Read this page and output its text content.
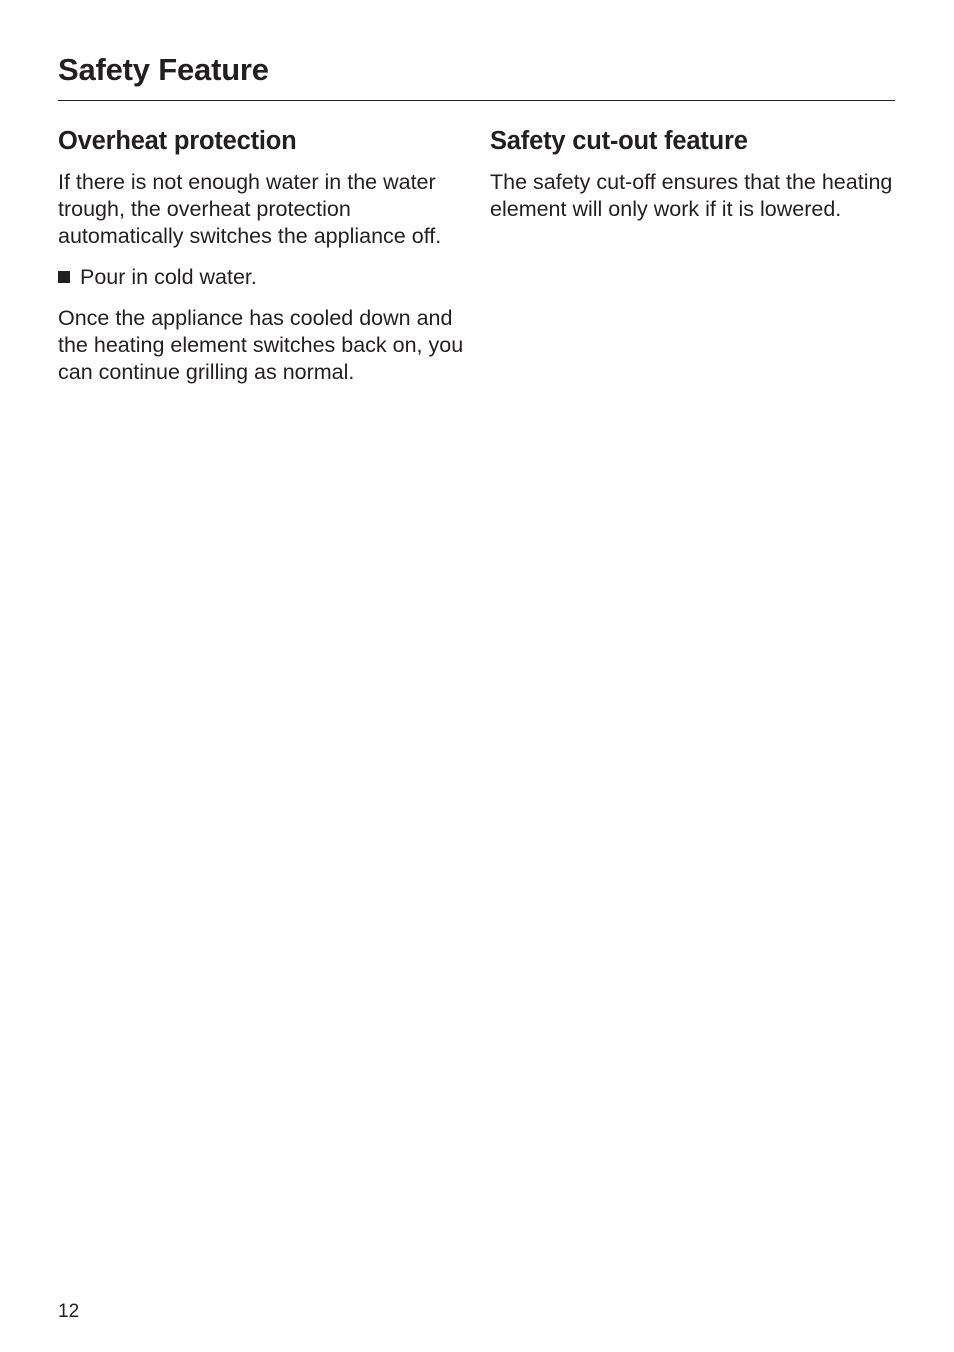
Safety Feature
Overheat protection

If there is not enough water in the water trough, the overheat protection automatically switches the appliance off.

Pour in cold water.

Once the appliance has cooled down and the heating element switches back on, you can continue grilling as normal.

Safety cut-out feature

The safety cut-off ensures that the heating element will only work if it is lowered.

12
